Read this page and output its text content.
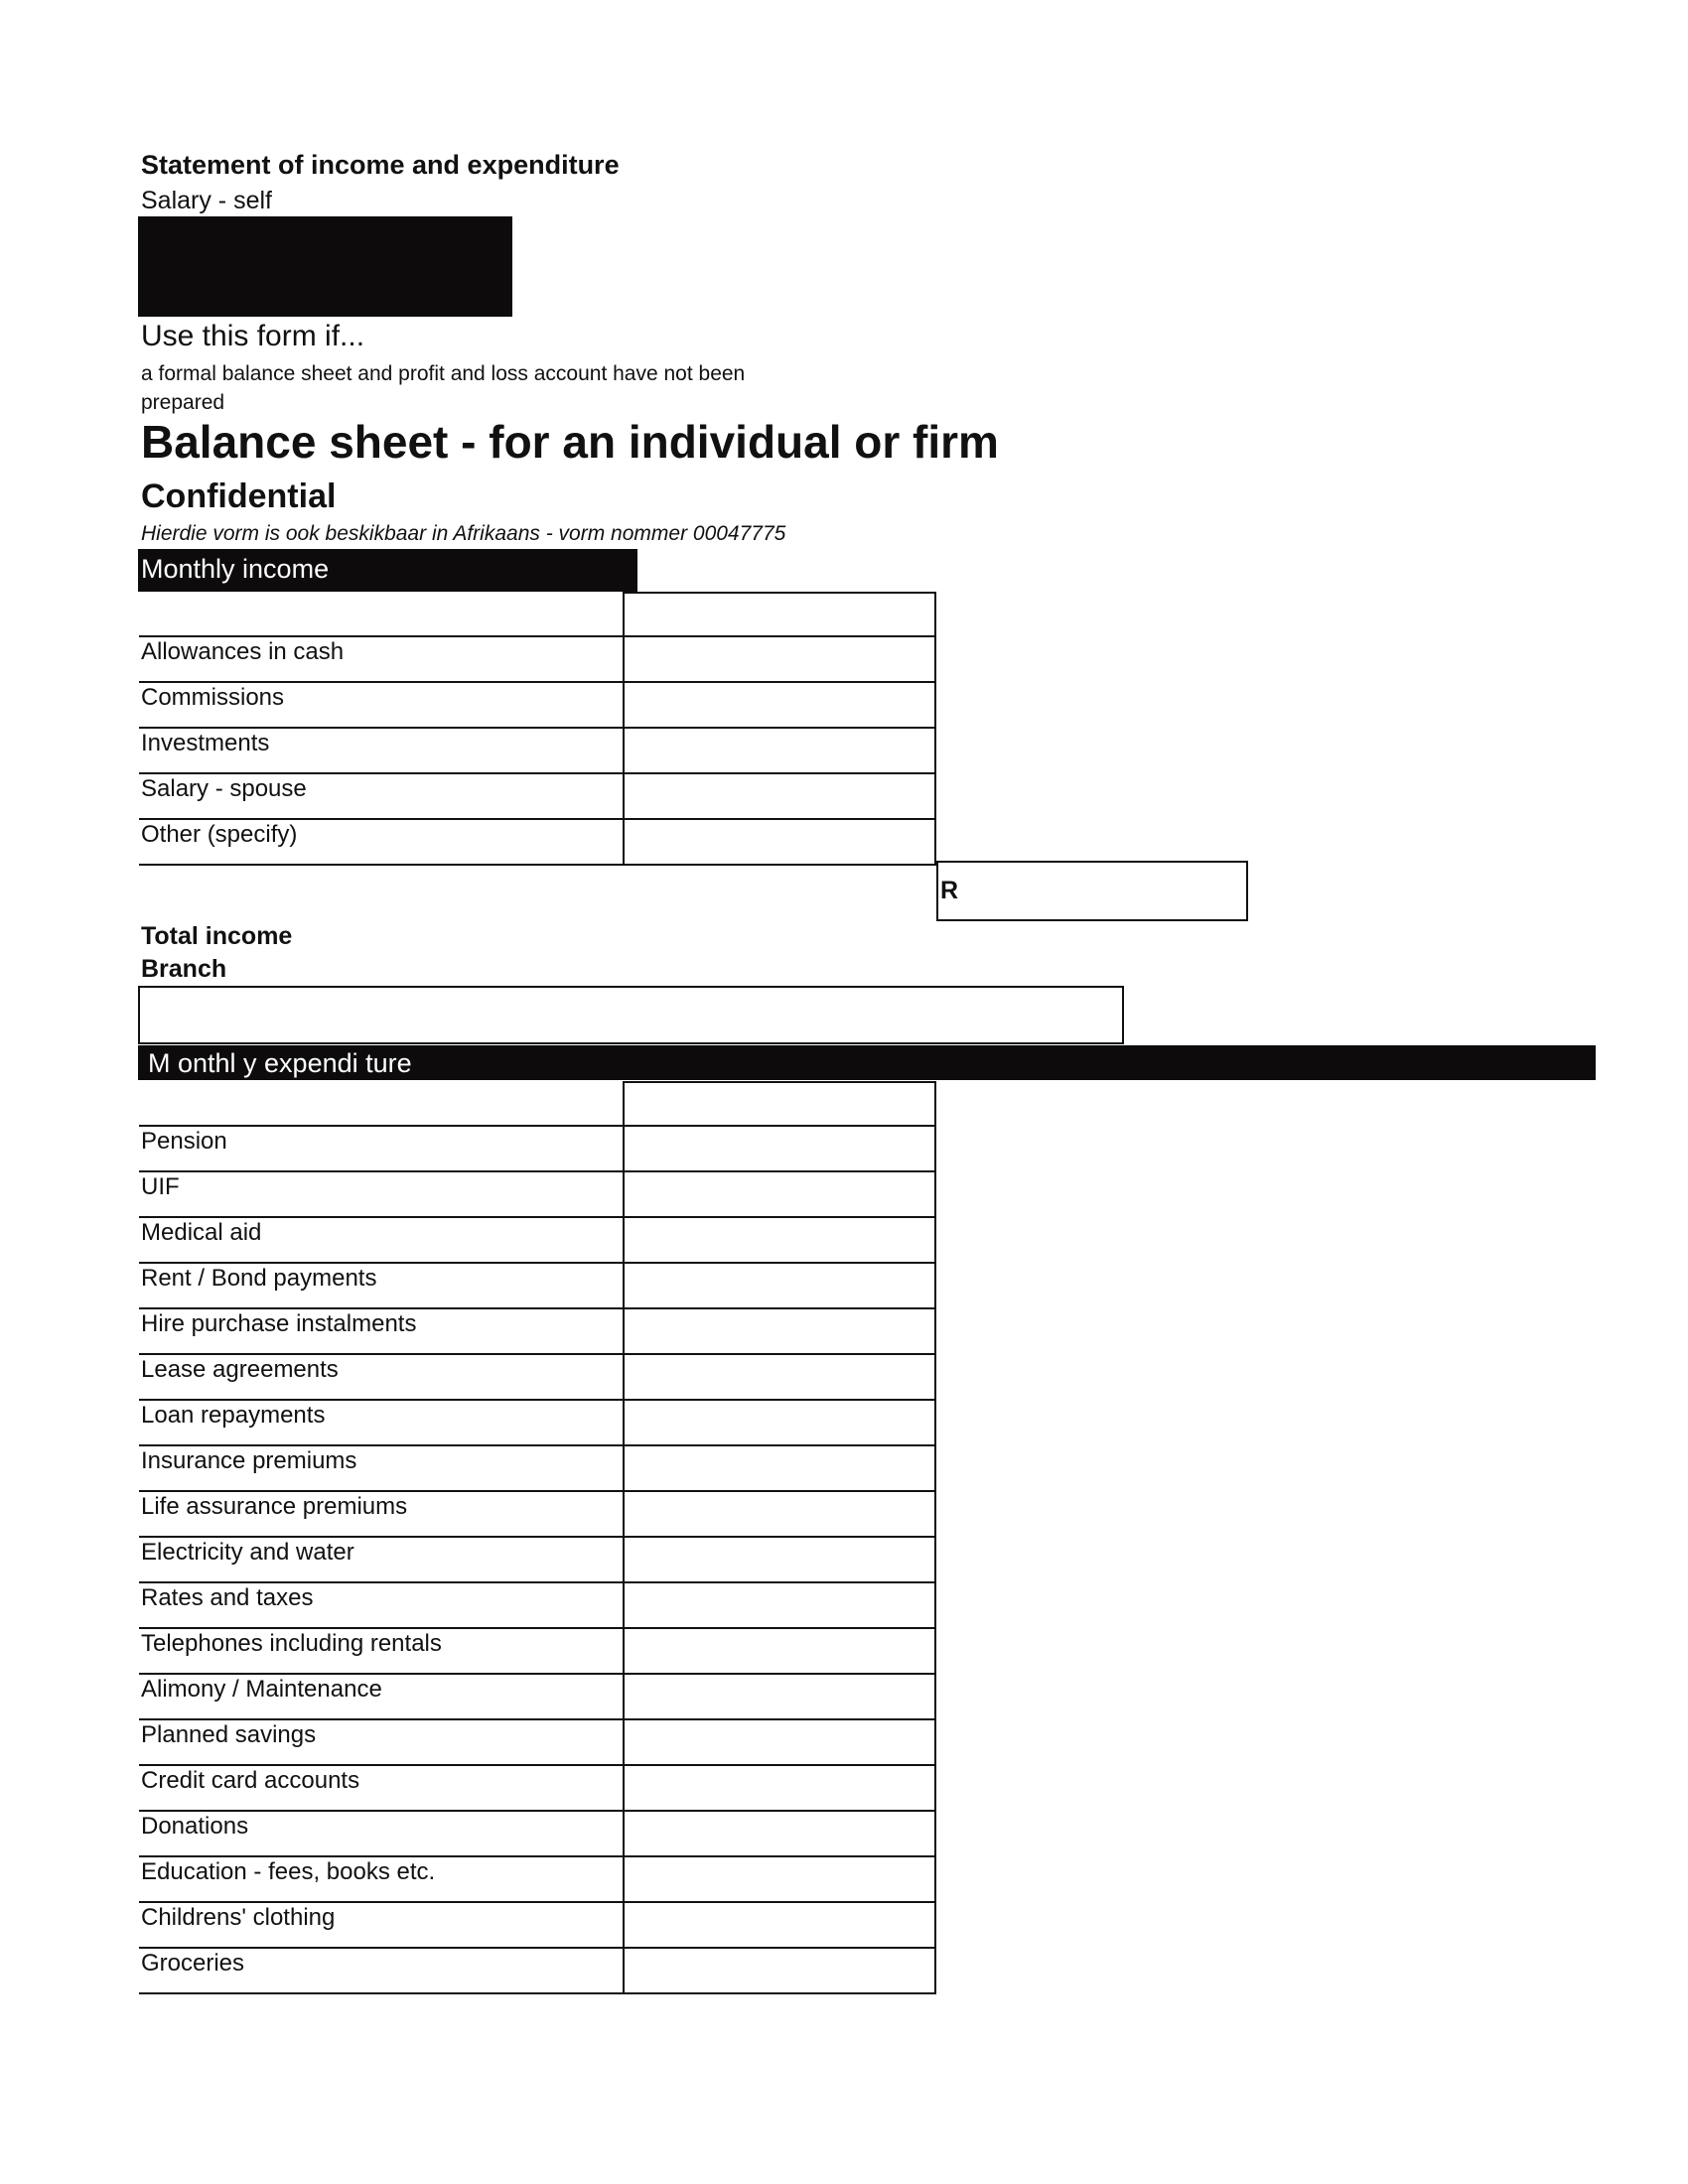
Statement of income and expenditure
Salary - self
Use this form if...
a formal balance sheet and profit and loss account have not been
prepared
Balance sheet - for an individual or firm
Confidential
Hierdie vorm is ook beskikbaar in Afrikaans - vorm nommer 00047775
Monthly income
Allowances in cash
Commissions
Investments
Salary - spouse
Other (specify)
R
Total income
Branch
M onthl y expendi ture
Pension
UIF
Medical aid
Rent / Bond payments
Hire purchase instalments
Lease agreements
Loan repayments
Insurance premiums
Life assurance premiums
Electricity and water
Rates and taxes
Telephones including rentals
Alimony / Maintenance
Planned savings
Credit card accounts
Donations
Education - fees, books etc.
Childrens' clothing
Groceries
